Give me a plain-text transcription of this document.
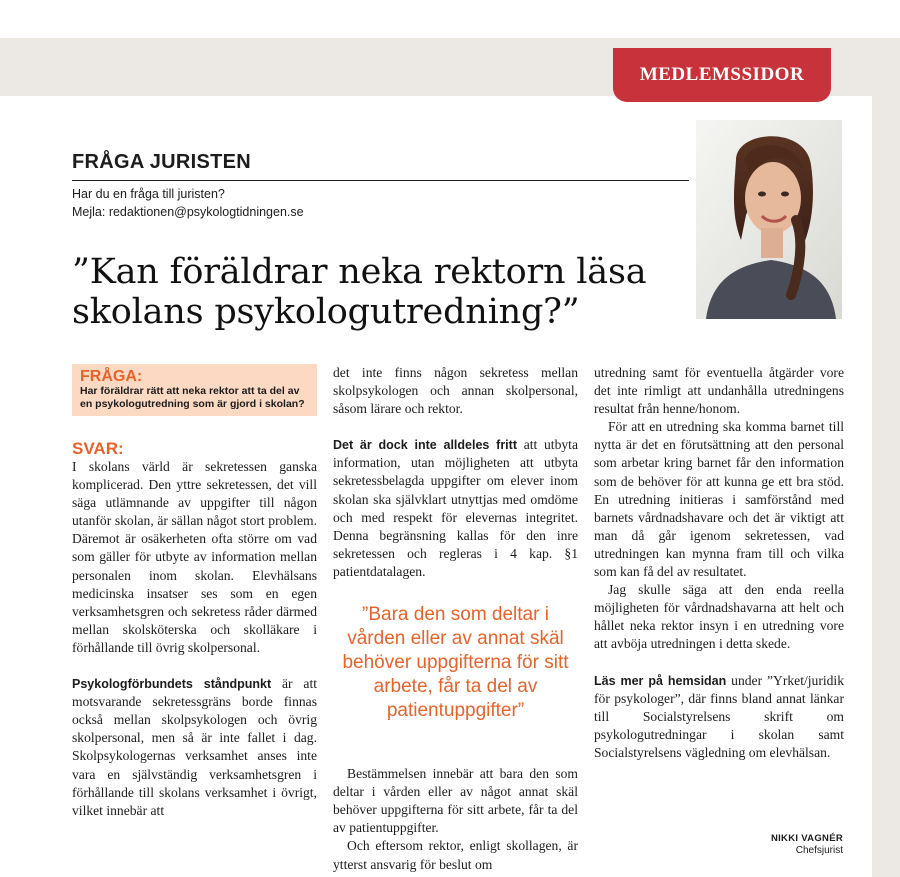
MEDLEMSSIDOR
FRÅGA JURISTEN
Har du en fråga till juristen?
Mejla: redaktionen@psykologtidningen.se
”Kan föräldrar neka rektorn läsa skolans psykologutredning?”
FRÅGA:
Har föräldrar rätt att neka rektor att ta del av en psykologutredning som är gjord i skolan?
SVAR:

I skolans värld är sekretessen ganska komplicerad. Den yttre sekretessen, det vill säga utlämnande av uppgifter till någon utanför skolan, är sällan något stort problem. Däremot är osäkerheten ofta större om vad som gäller för utbyte av information mellan personalen inom skolan. Elevhälsans medicinska insatser ses som en egen verksamhetsgren och sekretess råder därmed mellan skolsköterska och skolläkare i förhållande till övrig skolpersonal.

Psykologförbundets ståndpunkt är att motsvarande sekretessgräns borde finnas också mellan skolpsykologen och övrig skolpersonal, men så är inte fallet i dag. Skolpsykologernas verksamhet anses inte vara en självständig verksamhetsgren i förhållande till skolans verksamhet i övrigt, vilket innebär att

det inte finns någon sekretess mellan skolpsykologen och annan skolpersonal, såsom lärare och rektor.

Det är dock inte alldeles fritt att utbyta information, utan möjligheten att utbyta sekretessbelagda uppgifter om elever inom skolan ska självklart utnyttjas med omdöme och med respekt för elevernas integritet. Denna begränsning kallas för den inre sekretessen och regleras i 4 kap. §1 patientdatalagen.

”Bara den som deltar i vården eller av annat skäl behöver uppgifterna för sitt arbete, får ta del av patientuppgifter”

Bestämmelsen innebär att bara den som deltar i vården eller av något annat skäl behöver uppgifterna för sitt arbete, får ta del av patientuppgifter.

Och eftersom rektor, enligt skollagen, är ytterst ansvarig för beslut om

utredning samt för eventuella åtgärder vore det inte rimligt att undanhålla utredningens resultat från henne/honom.

För att en utredning ska komma barnet till nytta är det en förutsättning att den personal som arbetar kring barnet får den information som de behöver för att kunna ge ett bra stöd. En utredning initieras i samförstånd med barnets vårdnadshavare och det är viktigt att man då går igenom sekretessen, vad utredningen kan mynna fram till och vilka som kan få del av resultatet.

Jag skulle säga att den enda reella möjligheten för vårdnadshavarna att helt och hållet neka rektor insyn i en utredning vore att avböja utredningen i detta skede.

Läs mer på hemsidan under ”Yrket/juridik för psykologer”, där finns bland annat länkar till Socialstyrelsens skrift om psykologutredningar i skolan samt Socialstyrelsens vägledning om elevhälsan.

NIKKI VAGNÉR
Chefsjurist
